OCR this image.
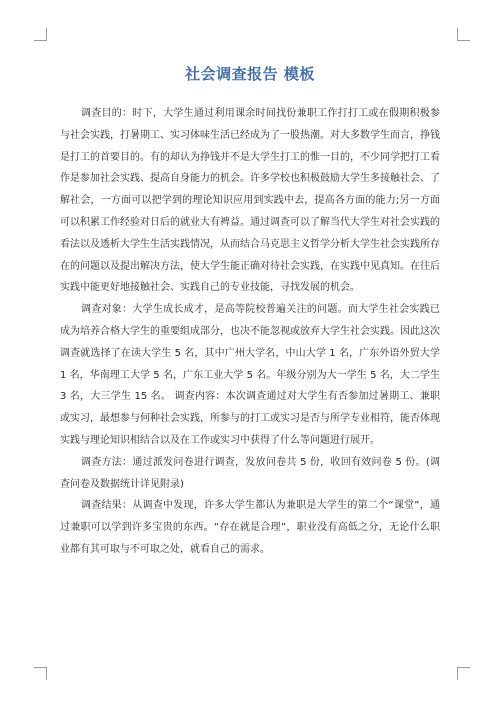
社会调查报告 模板

调查目的：时下，大学生通过利用课余时间找份兼职工作打打工或在假期积极参与社会实践，打暑期工、实习体味生活已经成为了一股热潮。对大多数学生而言，挣钱是打工的首要目的。有的却认为挣钱并不是大学生打工的惟一目的，不少同学把打工看作是参加社会实践、提高自身能力的机会。许多学校也积极鼓励大学生多接触社会、了解社会，一方面可以把学到的理论知识应用到实践中去，提高各方面的能力;另一方面可以积累工作经验对日后的就业大有裨益。通过调查可以了解当代大学生对社会实践的看法以及透析大学生生活实践情况，从而结合马克思主义哲学分析大学生社会实践所存在的问题以及提出解决方法，使大学生能正确对待社会实践，在实践中见真知。在往后实践中能更好地接触社会、实践自己的专业技能，寻找发展的机会。

调查对象：大学生成长成才，是高等院校普遍关注的问题。而大学生社会实践已成为培养合格大学生的重要组成部分，也决不能忽视或放弃大学生社会实践。因此这次调查就选择了在读大学生 5 名，其中广州大学名，中山大学 1 名，广东外语外贸大学 1 名，华南理工大学 5 名，广东工业大学 5 名。年级分别为大一学生 5 名，大二学生 3 名，大三学生 15 名。 调查内容：本次调查通过对大学生有否参加过暑期工、兼职或实习，最想参与何种社会实践，所参与的打工或实习是否与所学专业相符，能否体现实践与理论知识相结合以及在工作或实习中获得了什么等问题进行展开。

调查方法：通过派发问卷进行调查，发放问卷共 5 份，收回有效问卷 5 份。(调查问卷及数据统计详见附录)

调查结果：从调查中发现，许多大学生都认为兼职是大学生的第二个“课堂”，通过兼职可以学到许多宝贵的东西。“存在就是合理”，职业没有高低之分，无论什么职业都有其可取与不可取之处，就看自己的需求。
